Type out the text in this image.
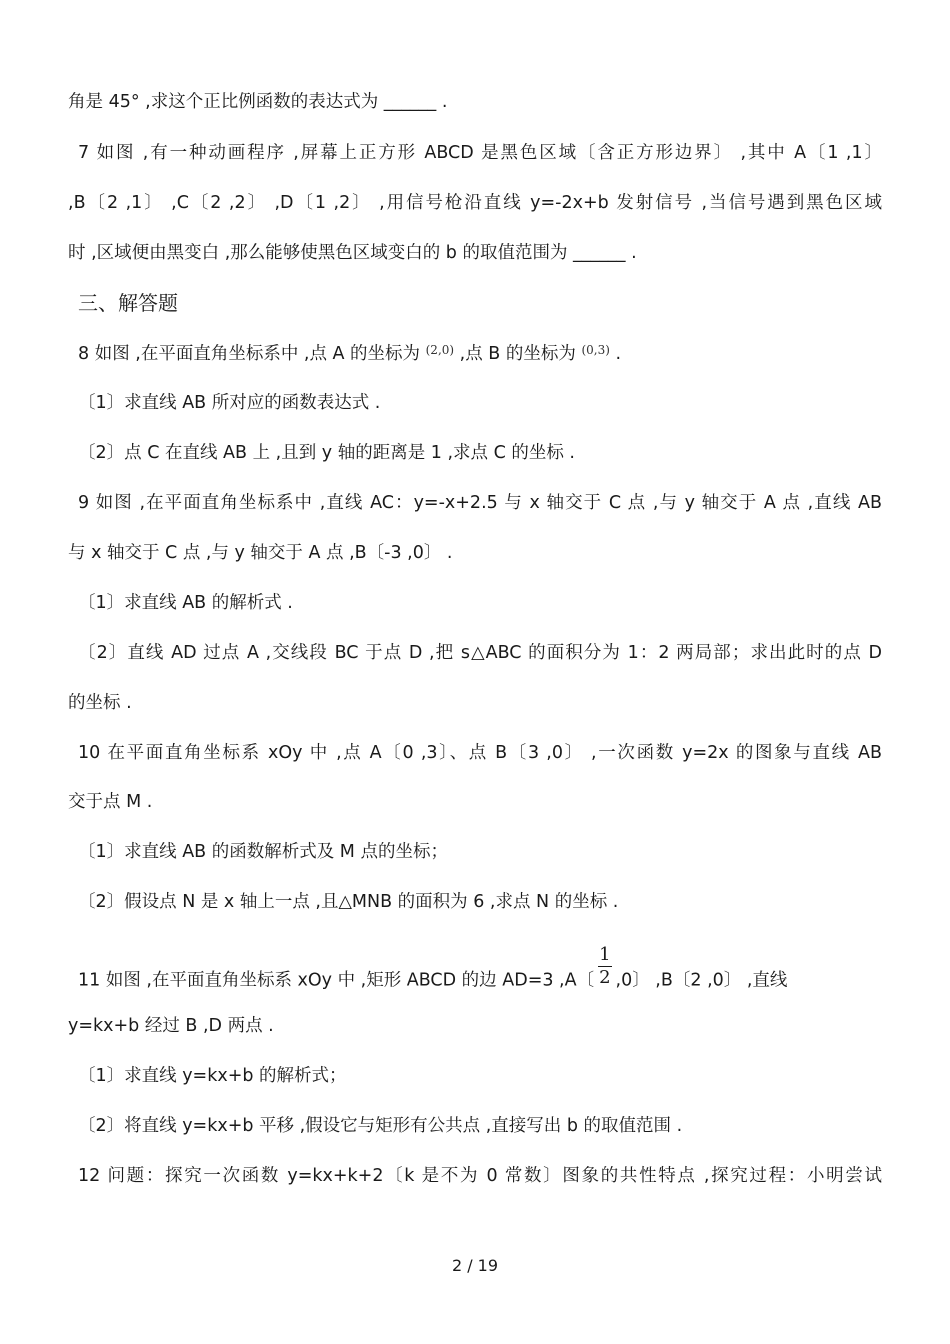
角是 45° ,求这个正比例函数的表达式为 ______ .
7 如图 ,有一种动画程序 ,屏幕上正方形 ABCD 是黑色区域〔含正方形边界〕 ,其中 A〔1 ,1〕
,B〔2 ,1〕 ,C〔2 ,2〕 ,D〔1 ,2〕 ,用信号枪沿直线 y=-2x+b 发射信号 ,当信号遇到黑色区域
时 ,区域便由黑变白 ,那么能够使黑色区域变白的 b 的取值范围为 ______ .
三、解答题
8 如图 ,在平面直角坐标系中 ,点 A 的坐标为 $^{(2,0)}$ ,点 B 的坐标为 $^{(0,3)}$ .
〔1〕求直线 AB 所对应的函数表达式 .
〔2〕点 C 在直线 AB 上 ,且到 y 轴的距离是 1 ,求点 C 的坐标 .
9 如图 ,在平面直角坐标系中 ,直线 AC：y=-x+2.5 与 x 轴交于 C 点 ,与 y 轴交于 A 点 ,直线 AB
与 x 轴交于 C 点 ,与 y 轴交于 A 点 ,B〔-3 ,0〕 .
〔1〕求直线 AB 的解析式 .
〔2〕直线 AD 过点 A ,交线段 BC 于点 D ,把 s△ABC 的面积分为 1：2 两局部；求出此时的点 D
的坐标 .
10 在平面直角坐标系 xOy 中 ,点 A〔0 ,3〕、点 B〔3 ,0〕 ,一次函数 y=2x 的图象与直线 AB
交于点 M .
〔1〕求直线 AB 的函数解析式及 M 点的坐标；
〔2〕假设点 N 是 x 轴上一点 ,且△MNB 的面积为 6 ,求点 N 的坐标 .
11 如图 ,在平面直角坐标系 xOy 中 ,矩形 ABCD 的边 AD=3 ,A〔 $\frac{1}{2} ,0$〕 ,B〔2 ,0〕 ,直线
y=kx+b 经过 B ,D 两点 .
〔1〕求直线 y=kx+b 的解析式；
〔2〕将直线 y=kx+b 平移 ,假设它与矩形有公共点 ,直接写出 b 的取值范围 .
12 问题：探究一次函数 y=kx+k+2〔k 是不为 0 常数〕图象的共性特点 ,探究过程：小明尝试
2 / 19
